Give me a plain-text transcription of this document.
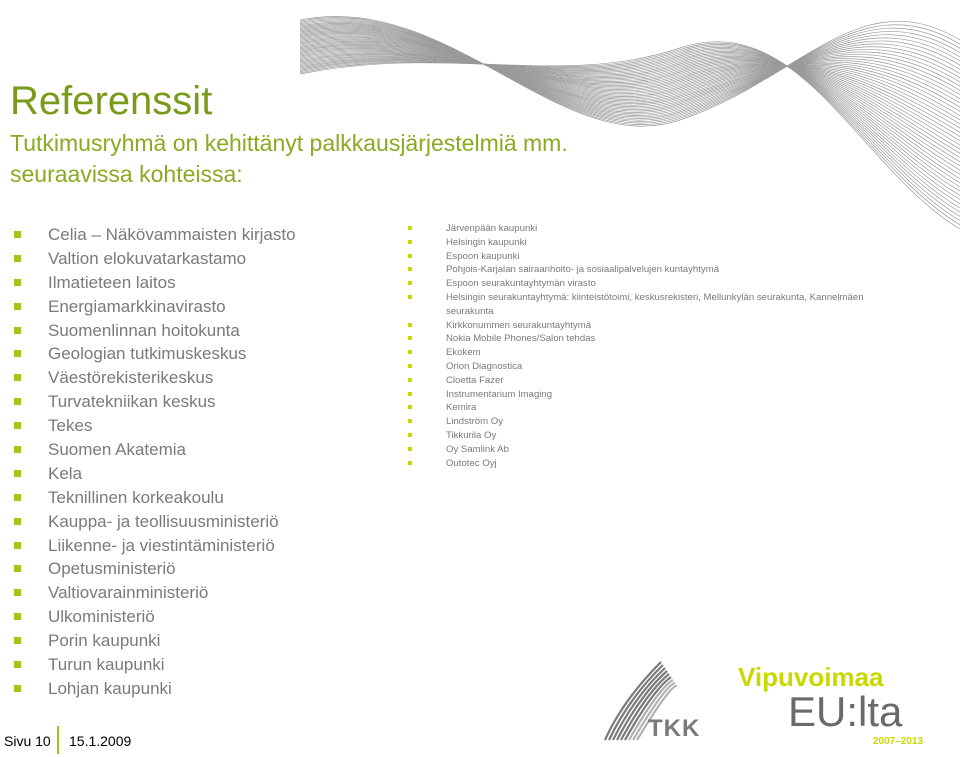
Referenssit
Tutkimusryhmä on kehittänyt palkkausjärjestelmiä mm. seuraavissa kohteissa:
Celia – Näkövammaisten kirjasto
Valtion elokuvatarkastamo
Ilmatieteen laitos
Energiamarkkinavirasto
Suomenlinnan hoitokunta
Geologian tutkimuskeskus
Väestörekisterikeskus
Turvatekniikan keskus
Tekes
Suomen Akatemia
Kela
Teknillinen korkeakoulu
Kauppa- ja teollisuusministeriö
Liikenne- ja viestintäministeriö
Opetusministeriö
Valtiovarainministeriö
Ulkoministeriö
Porin kaupunki
Turun kaupunki
Lohjan kaupunki
Järvenpään kaupunki
Helsingin kaupunki
Espoon kaupunki
Pohjois-Karjalan sairaanhoito- ja sosiaalipalvelujen kuntayhtymä
Espoon seurakuntayhtymän virasto
Helsingin seurakuntayhtymä: kiinteistötoimi, keskusrekisteri, Mellunkylän seurakunta, Kannelmäen seurakunta
Kirkkonummen seurakuntayhtymä
Nokia Mobile Phones/Salon tehdas
Ekokem
Orion Diagnostica
Cloetta Fazer
Instrumentarium Imaging
Kemira
Lindström Oy
Tikkurila Oy
Oy Samlink Ab
Outotec Oyj
Sivu 10 15.1.2009	TKK
Vipuvoimaa
EU:lta
2007–2013
